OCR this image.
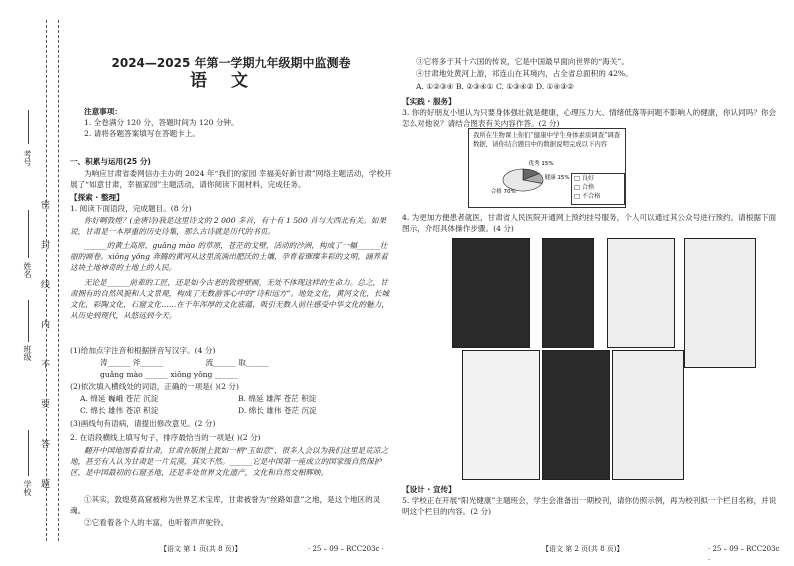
考号
姓名
班级
学校 密 封 线 内 不 要 答 题
2024—2025 年第一学期九年级期中监测卷
语文
注意事项：
1. 全卷满分 120 分，答题时间为 120 分钟。
2. 请将各题答案填写在答题卡上。
一、积累与运用(25 分)
为响应甘肃省委网信办主办的 2024 年“我们的家园 幸福美好新甘肃”网络主题活动，学校开展了“如意甘肃，幸福家园”主题活动，请你阅读下面材料，完成任务。
【探索 · 整理】
1. 阅读下面语段，完成题目。(8 分)
你好啊敦煌？(金唐诗)我是这里诗文的 2 000 多首，有十有 1 500 首与大西北有关。如果说，甘肃是一本厚重的历史诗集，那么古诗就是历代的书页。
______的黄土高原，guǎng mào 的草原，苍茫的戈壁，活动的沙洲，构成了一幅______壮丽的画卷。xiōng yǒng 奔腾的黄河从这里流淌出肥沃的土壤，孕育着璀璨多彩的文明，涵养着这块土地神奇的土地上的人民。
无论是______前辈的工匠，还是如今古老的敦煌壁画，无处不体现这样的生命力。总之，甘肃拥有的自然风貌和人文景观，构成了无数游客心中的“诗和远方”。地处文化，黄河文化，长城文化，彩陶文化，石窟文化……在千年浑厚的文化底蕴，吸引无数人前往感受中华文化的魅力，从历史到现代，从悠远到今天。
(1)给加点字注音和根据拼音写汉字。(4 分)
涛______ 斧______	流______ 取______
guǎng mào ______ xiōng yǒng ______
(2)依次填入横线处的词语，正确的一项是( )(2 分)
A. 绵延 巍峨 苍茫 沉淀	B. 绵延 雄浑 苍茫 积淀
C. 绵长 雄伟 苍凉 积淀	D. 绵长 雄伟 苍茫 沉淀
(3)画线句有语病，请提出修改意见。(2 分)
2. 在语段横线上填写句子，排序最恰当的一项是( )(2 分)
翻开中国地图看看甘肃，甘肃在版图上犹如一柄“玉如意”，很多人会以为我们这里是荒凉之地，甚至有人认为甘肃是一片荒漠，其实不然。______它是中国第一座成立的国家级自然保护区，是中国最初的石窟圣地，还是多处世界文化遗产，文化和自然交相辉映。
①其实，敦煌莫高窟被称为世界艺术宝库，甘肃被誉为“丝路如意”之地，是这个地区的灵魂。
②它看着各个人的丰富，也听着声声驼铃。
【语文 第 1 页(共 8 页)】	· 25 – 09 – RCC203c ·
③它将多于其十六国的传说，它是中国最早面向世界的“海关”。
④甘肃地处黄河上游，祁连山在其境内，占全省总面积的 42%。
A. ①②③④ B. ②③④① C. ①③④② D. ①④③②
【实践 · 服务】
3. 你的好朋友小旭认为只要身体强壮就是健康，心理压力大、情绪低落等问题不影响人的健康，你认同吗？你会怎么对他说？请结合图表有关内容作答。(2 分)
我所在生物课上你们“健康中学生身体素质调查”调查数据，请你结合题目中的数据说明完成以下内容
优秀 15%
健康 15%
合格 70%
□ 良好
□ 合格
□ 不合格
4. 为更加方便患者就医，甘肃省人民医院开通网上预约挂号服务，个人可以通过其公众号进行预约。请根据下面图示，介绍具体操作步骤。(4 分)
【设计 · 宣传】
5. 学校正在开展“阳光健康”主题班会，学生会准备出一期校刊，请你仿照示例，再为校刊拟一个栏目名称，并说明这个栏目的内容。(2 分)
【语文 第 2 页(共 8 页)】	· 25 – 09 – RCC203c ·
